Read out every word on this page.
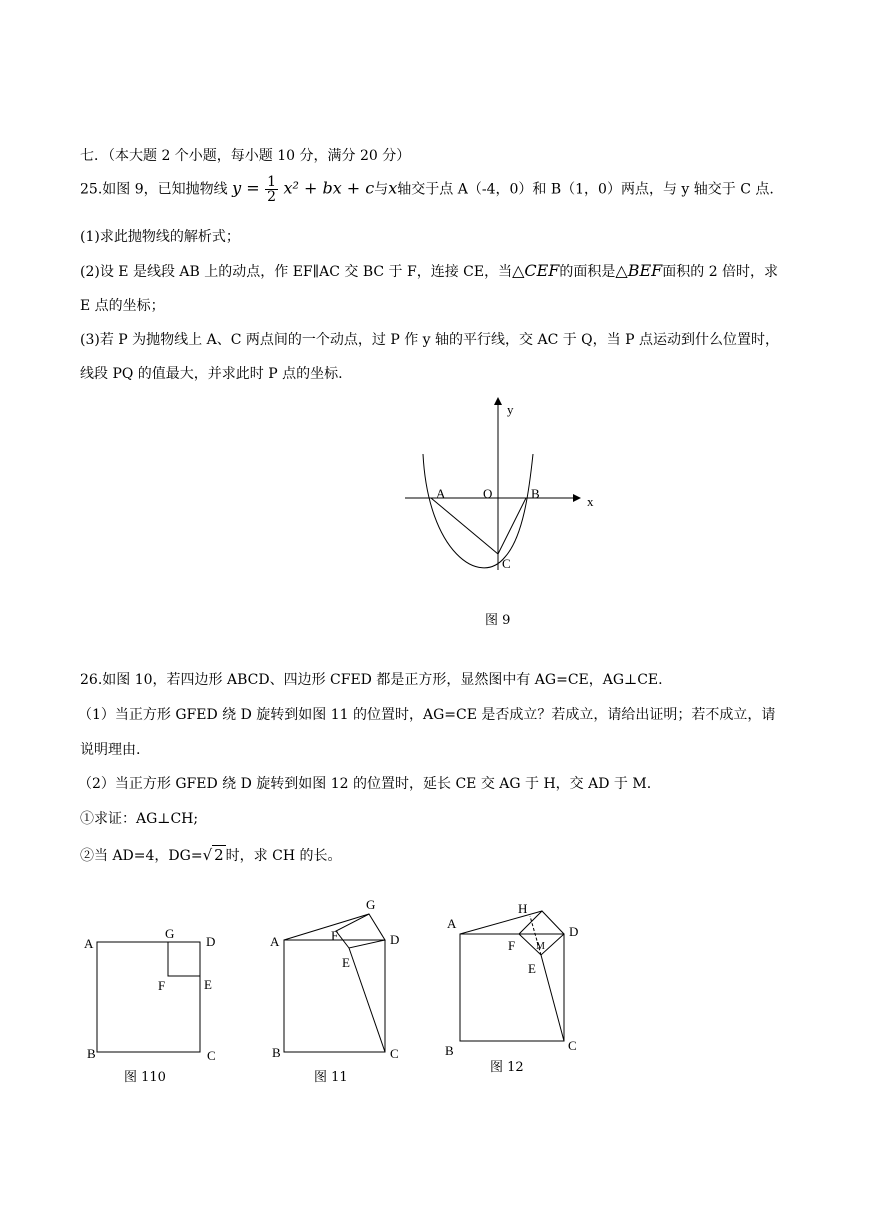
七．（本大题 2 个小题，每小题 10 分，满分 20 分）
25.如图 9，已知抛物线 $y = \frac{1}{2} x^2$ + bx + c与x轴交于点 A（-4，0）和 B（1，0）两点，与 y 轴交于 C 点.
(1)求此抛物线的解析式；
(2)设 E 是线段 AB 上的动点，作 EF∥AC 交 BC 于 F，连接 CE，当△CEF的面积是△BEF面积的 2 倍时，求
E 点的坐标；
(3)若 P 为抛物线上 A、C 两点间的一个动点，过 P 作 y 轴的平行线，交 AC 于 Q，当 P 点运动到什么位置时，
线段 PQ 的值最大，并求此时 P 点的坐标.
y
x
A	O	B
C
图 9
26.如图 10，若四边形 ABCD、四边形 CFED 都是正方形，显然图中有 AG=CE，AG⊥CE.
（1）当正方形 GFED 绕 D 旋转到如图 11 的位置时，AG=CE 是否成立？若成立，请给出证明；若不成立，请
说明理由.
（2）当正方形 GFED 绕 D 旋转到如图 12 的位置时，延长 CE 交 AG 于 H，交 AD 于 M.
①求证：AG⊥CH;
②当 AD=4，DG=√ 2 时，求 CH 的长。
A
G
D
F	E
B	C
A
G
F	D
E
B	C
A
H
F M
D
E
B	C
图 110	图 11
图 12
